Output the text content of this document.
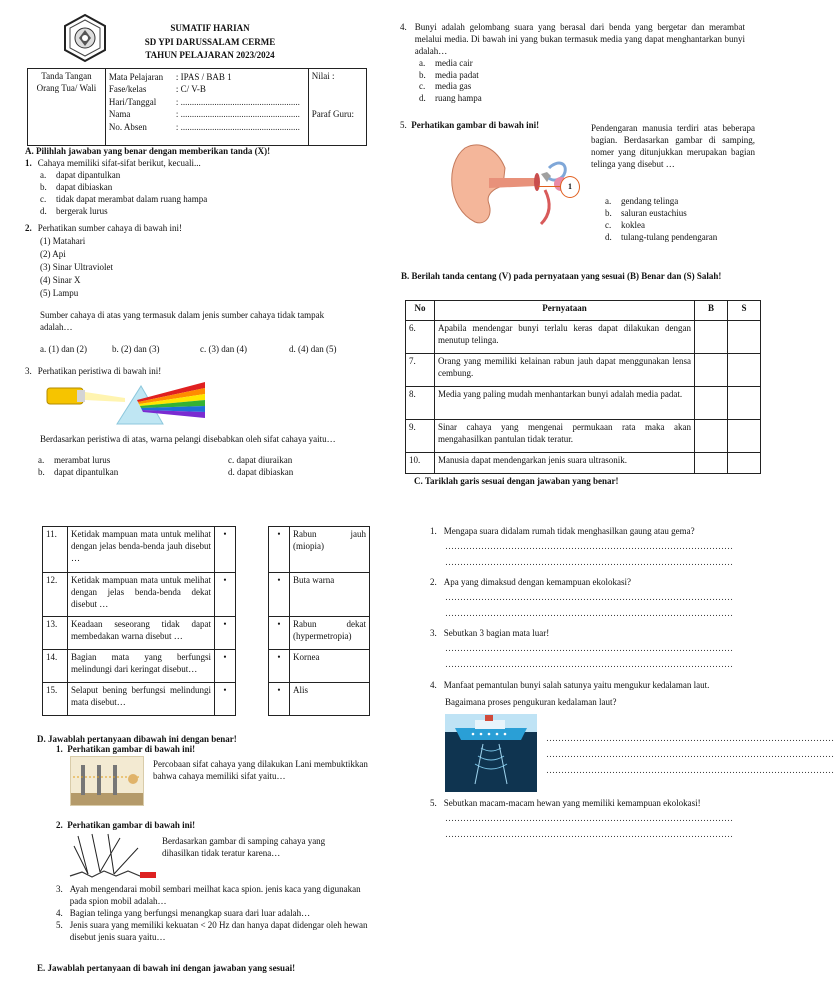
SUMATIF HARIAN
SD YPI DARUSSALAM CERME
TAHUN PELAJARAN 2023/2024
Tanda Tangan
Orang Tua/ Wali

Mata Pelajaran	: IPAS / BAB 1
Fase/kelas	: C/ V-B
Hari/Tanggal	: .....................................................
Nama	: .....................................................
No. Absen	: .....................................................

Nilai :
Paraf Guru:
A. Pilihlah jawaban yang benar dengan memberikan tanda (X)!
1. Cahaya memiliki sifat-sifat berikut, kecuali...
a.	dapat dipantulkan
b.	dapat dibiaskan
c.	tidak dapat merambat dalam ruang hampa
d.	bergerak lurus
2. Perhatikan sumber cahaya di bawah ini!
(1) Matahari
(2) Api
(3) Sinar Ultraviolet
(4) Sinar X
(5) Lampu
Sumber cahaya di atas yang termasuk dalam jenis sumber cahaya tidak tampak adalah…
a. (1) dan (2)	b. (2) dan (3)	c. (3) dan (4)	d. (4) dan (5)
3. Perhatikan peristiwa di bawah ini!
Berdasarkan peristiwa di atas, warna pelangi disebabkan oleh sifat cahaya yaitu…
a.	merambat lurus
b.	dapat dipantulkan
c. dapat diuraikan
d. dapat dibiaskan
4. Bunyi adalah gelombang suara yang berasal dari benda yang bergetar dan merambat melalui media. Di bawah ini yang bukan termasuk media yang dapat menghantarkan bunyi adalah…
a.	media cair
b.	media padat
c.	media gas
d.	ruang hampa
5. Perhatikan gambar di bawah ini!
1
Pendengaran manusia terdiri atas beberapa bagian. Berdasarkan gambar di samping, nomer yang ditunjukkan merupakan bagian telinga yang disebut …
a.	gendang telinga
b.	saluran eustachius
c.	koklea
d.	tulang-tulang pendengaran
B. Berilah tanda centang (V) pada pernyataan yang sesuai (B) Benar dan (S) Salah!
No	Pernyataan	B	S
6.	Apabila mendengar bunyi terlalu keras dapat dilakukan dengan menutup telinga.		
7.	Orang yang memiliki kelainan rabun jauh dapat menggunakan lensa cembung.		
8.	Media yang paling mudah menhantarkan bunyi adalah media padat.		
9.	Sinar cahaya yang mengenai permukaan rata maka akan mengahasilkan pantulan tidak teratur.		
10.	Manusia dapat mendengarkan jenis suara ultrasonik.		
C. Tariklah garis sesuai dengan jawaban yang benar!
11.	Ketidak mampuan mata untuk melihat dengan jelas benda-benda jauh disebut …	•		•	Rabun jauh (miopia)
12.	Ketidak mampuan mata untuk melihat dengan jelas benda-benda dekat disebut …	•		•	Buta warna
13.	Keadaan seseorang tidak dapat membedakan warna disebut …	•		•	Rabun dekat (hypermetropia)
14.	Bagian mata yang berfungsi melindungi dari keringat disebut…	•		•	Kornea
15.	Selaput bening berfungsi melindungi mata disebut…	•		•	Alis
D. Jawablah pertanyaan dibawah ini dengan benar!
1. Perhatikan gambar di bawah ini!
Percobaan sifat cahaya yang dilakukan Lani membuktikkan bahwa cahaya memiliki sifat yaitu…
2. Perhatikan gambar di bawah ini!
Berdasarkan gambar di samping cahaya yang dihasilkan tidak teratur karena…
3. Ayah mengendarai mobil sembari meilhat kaca spion. jenis kaca yang digunakan pada spion mobil adalah…
4. Bagian telinga yang berfungsi menangkap suara dari luar adalah…
5. Jenis suara yang memiliki kekuatan < 20 Hz dan hanya dapat didengar oleh hewan disebut jenis suara yaitu…
E. Jawablah pertanyaan di bawah ini dengan jawaban yang sesuai!
1. Mengapa suara didalam rumah tidak menghasilkan gaung atau gema?
……………………………………………………………………………………
……………………………………………………………………………………
2. Apa yang dimaksud dengan kemampuan ekolokasi?
……………………………………………………………………………………
……………………………………………………………………………………
3. Sebutkan 3 bagian mata luar!
……………………………………………………………………………………
……………………………………………………………………………………
4. Manfaat pemantulan bunyi salah satunya yaitu mengukur kedalaman laut.
Bagaimana proses pengukuran kedalaman laut?
……………………………………………………………………………………
……………………………………………………………………………………
……………………………………………………………………………………
5. Sebutkan macam-macam hewan yang memiliki kemampuan ekolokasi!
……………………………………………………………………………………
……………………………………………………………………………………
